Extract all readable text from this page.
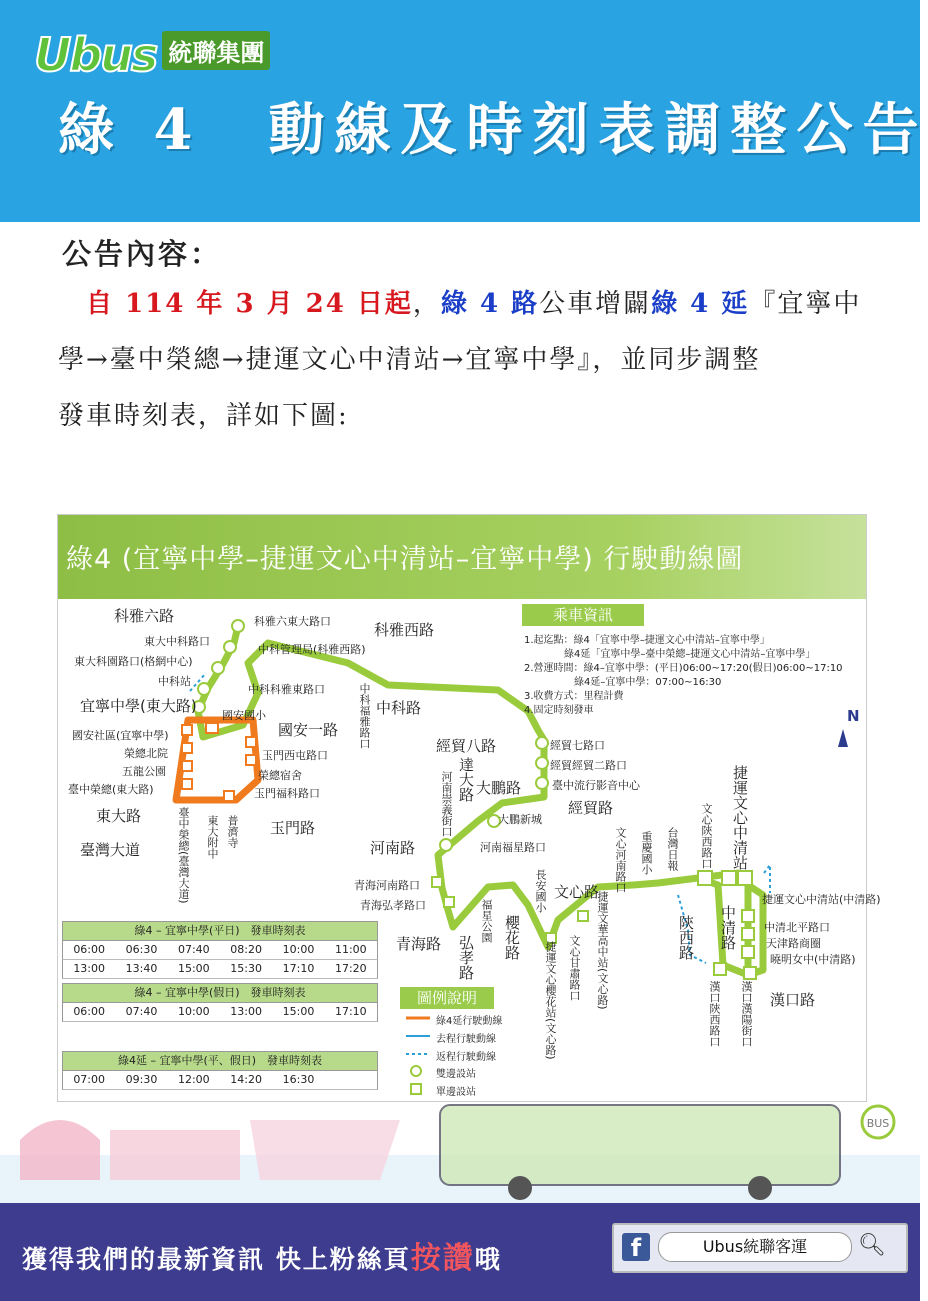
Ubus 統聯集團
綠 4　動線及時刻表調整公告
公告內容：
　自 114 年 3 月 24 日起，綠 4 路公車增闢綠 4 延『宜寧中
學→臺中榮總→捷運文心中清站→宜寧中學』，並同步調整
發車時刻表，詳如下圖:
綠4 (宜寧中學–捷運文心中清站–宜寧中學) 行駛動線圖
N
乘車資訊
1.起迄點：綠4「宜寧中學–捷運文心中清站–宜寧中學」
　　　　綠4延「宜寧中學–臺中榮總–捷運文心中清站–宜寧中學」
2.營運時間：綠4–宜寧中學：(平日)06:00~17:20(假日)06:00~17:10
　　　　　綠4延–宜寧中學：07:00~16:30
3.收費方式：里程計費
4.固定時刻發車
科雅六路	科雅六東大路口	科雅西路
東大中科路口
中科管理局(科雅西路)
東大科園路口(格網中心)
中科站
中科科雅東路口
宜寧中學(東大路)
國安國小
國安一路
國安社區(宜寧中學)
榮總北院	玉門西屯路口
五龍公園	榮總宿舍
臺中榮總(東大路)	玉門福科路口
東大路
玉門路
臺灣大道
中科路
中科福雅路口
臺中榮總(臺灣大道) 東大附中 普濟寺
經貿八路	經貿七路口
經貿經貿二路口
臺中流行影音中心
經貿路
大鵬路
大鵬新城
達大路
河南崇義街口
河南路	河南福星路口
青海河南路口
青海弘孝路口
青海路 弘孝路
福星公園 櫻花路
文心路
長安國小	文心河南路口 重慶國小 台灣日報 文心陝西路口 捷運文心中清站
捷運文心中清站(中清路)
中清北平路口
天津路商圈
曉明女中(中清路)
中清路
陝西路
漢口路
漢口陝西路口 漢口漢陽街口
捷運文華高中站(文心路)
文心甘肅路口
捷運文心櫻花站(文心路)
綠4 – 宜寧中學(平日)　發車時刻表
06:00	06:30	07:40	08:20	10:00	11:00
13:00	13:40	15:00	15:30	17:10	17:20
綠4 – 宜寧中學(假日)　發車時刻表
06:00	07:40	10:00	13:00	15:00	17:10
綠4延 – 宜寧中學(平、假日)　發車時刻表
07:00	09:30	12:00	14:20	16:30
圖例說明
綠4延行駛動線
去程行駛動線
返程行駛動線
雙邊設站
單邊設站
BUS
獲得我們的最新資訊 快上粉絲頁按讚哦	f	Ubus統聯客運	🔍︎
